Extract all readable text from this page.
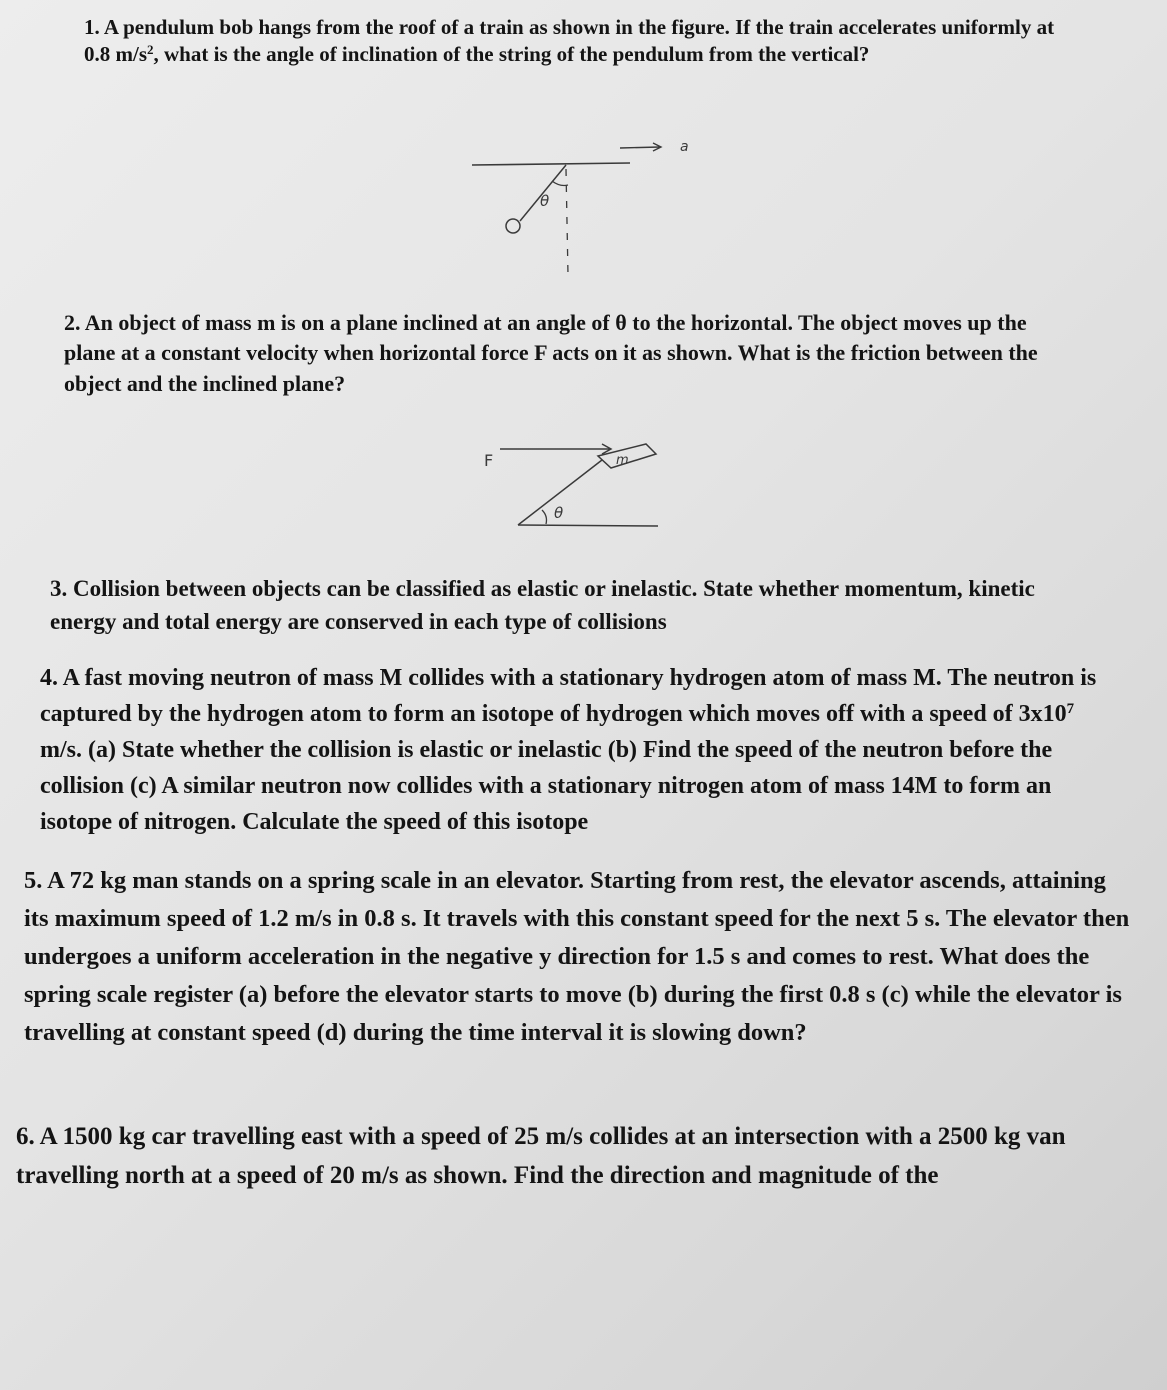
1. A pendulum bob hangs from the roof of a train as shown in the figure. If the train accelerates uniformly at 0.8 $m/s^2$, what is the angle of inclination of the string of the pendulum from the vertical?

a
θ

2. An object of mass m is on a plane inclined at an angle of θ to the horizontal. The object moves up the plane at a constant velocity when horizontal force F acts on it as shown. What is the friction between the object and the inclined plane?

F	m
θ

3. Collision between objects can be classified as elastic or inelastic. State whether momentum, kinetic energy and total energy are conserved in each type of collisions

4. A fast moving neutron of mass M collides with a stationary hydrogen atom of mass M. The neutron is captured by the hydrogen atom to form an isotope of hydrogen which moves off with a speed of $3x10^7$ m/s. (a) State whether the collision is elastic or inelastic (b) Find the speed of the neutron before the collision (c) A similar neutron now collides with a stationary nitrogen atom of mass 14M to form an isotope of nitrogen. Calculate the speed of this isotope

5. A 72 kg man stands on a spring scale in an elevator. Starting from rest, the elevator ascends, attaining its maximum speed of 1.2 m/s in 0.8 s. It travels with this constant speed for the next 5 s. The elevator then undergoes a uniform acceleration in the negative y direction for 1.5 s and comes to rest. What does the spring scale register (a) before the elevator starts to move (b) during the first 0.8 s (c) while the elevator is travelling at constant speed (d) during the time interval it is slowing down?

6. A 1500 kg car travelling east with a speed of 25 m/s collides at an intersection with a 2500 kg van travelling north at a speed of 20 m/s as shown. Find the direction and magnitude of the
